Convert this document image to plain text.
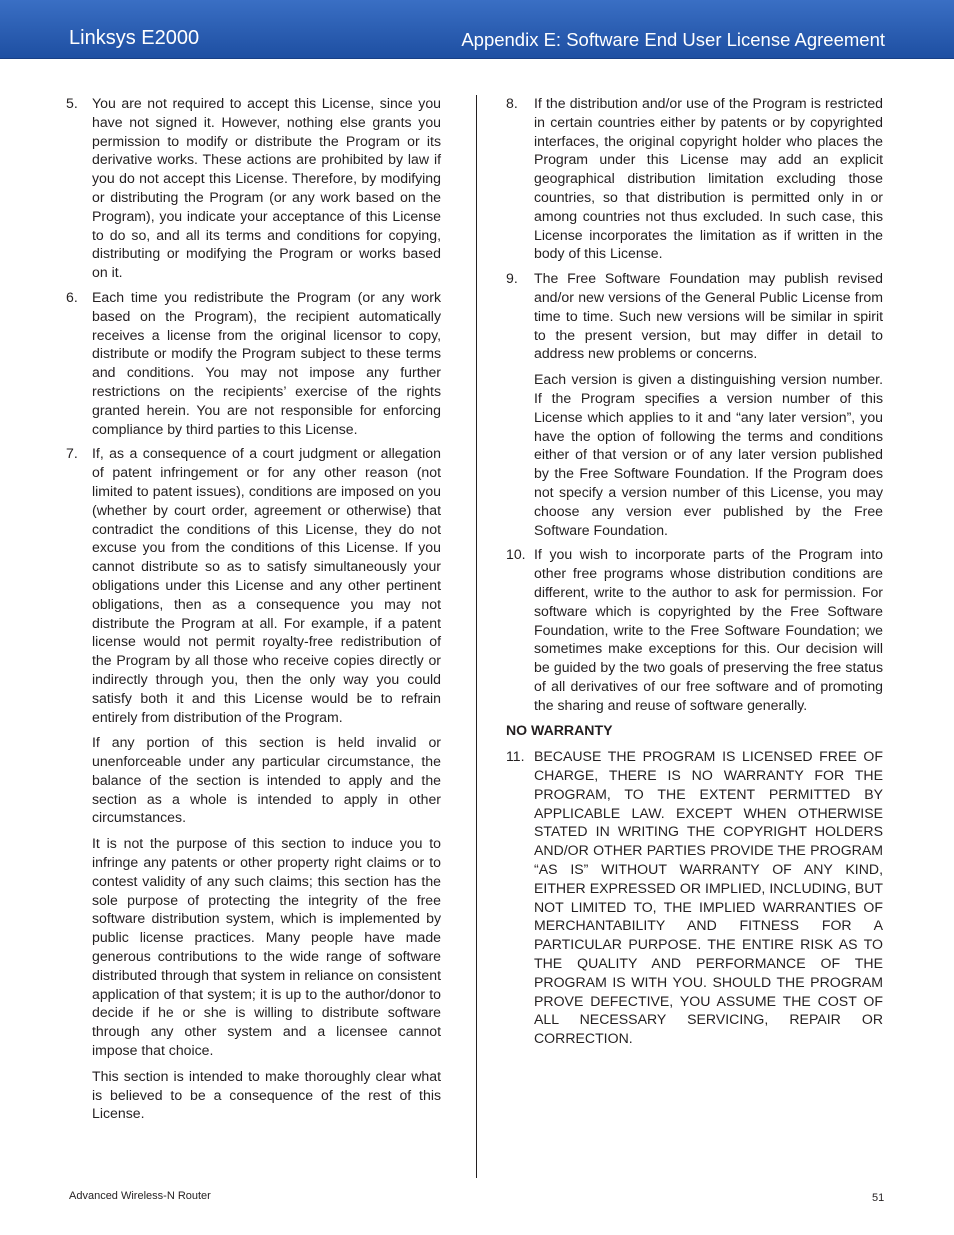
Linksys E2000	Appendix E: Software End User License Agreement
5. You are not required to accept this License, since you have not signed it. However, nothing else grants you permission to modify or distribute the Program or its derivative works. These actions are prohibited by law if you do not accept this License. Therefore, by modifying or distributing the Program (or any work based on the Program), you indicate your acceptance of this License to do so, and all its terms and conditions for copying, distributing or modifying the Program or works based on it.

6. Each time you redistribute the Program (or any work based on the Program), the recipient automatically receives a license from the original licensor to copy, distribute or modify the Program subject to these terms and conditions. You may not impose any further restrictions on the recipients’ exercise of the rights granted herein. You are not responsible for enforcing compliance by third parties to this License.

7. If, as a consequence of a court judgment or allegation of patent infringement or for any other reason (not limited to patent issues), conditions are imposed on you (whether by court order, agreement or otherwise) that contradict the conditions of this License, they do not excuse you from the conditions of this License. If you cannot distribute so as to satisfy simultaneously your obligations under this License and any other pertinent obligations, then as a consequence you may not distribute the Program at all. For example, if a patent license would not permit royalty-free redistribution of the Program by all those who receive copies directly or indirectly through you, then the only way you could satisfy both it and this License would be to refrain entirely from distribution of the Program.

If any portion of this section is held invalid or unenforceable under any particular circumstance, the balance of the section is intended to apply and the section as a whole is intended to apply in other circumstances.

It is not the purpose of this section to induce you to infringe any patents or other property right claims or to contest validity of any such claims; this section has the sole purpose of protecting the integrity of the free software distribution system, which is implemented by public license practices. Many people have made generous contributions to the wide range of software distributed through that system in reliance on consistent application of that system; it is up to the author/donor to decide if he or she is willing to distribute software through any other system and a licensee cannot impose that choice.

This section is intended to make thoroughly clear what is believed to be a consequence of the rest of this License.

8. If the distribution and/or use of the Program is restricted in certain countries either by patents or by copyrighted interfaces, the original copyright holder who places the Program under this License may add an explicit geographical distribution limitation excluding those countries, so that distribution is permitted only in or among countries not thus excluded. In such case, this License incorporates the limitation as if written in the body of this License.

9. The Free Software Foundation may publish revised and/or new versions of the General Public License from time to time. Such new versions will be similar in spirit to the present version, but may differ in detail to address new problems or concerns.

Each version is given a distinguishing version number. If the Program specifies a version number of this License which applies to it and “any later version”, you have the option of following the terms and conditions either of that version or of any later version published by the Free Software Foundation. If the Program does not specify a version number of this License, you may choose any version ever published by the Free Software Foundation.

10. If you wish to incorporate parts of the Program into other free programs whose distribution conditions are different, write to the author to ask for permission. For software which is copyrighted by the Free Software Foundation, write to the Free Software Foundation; we sometimes make exceptions for this. Our decision will be guided by the two goals of preserving the free status of all derivatives of our free software and of promoting the sharing and reuse of software generally.

NO WARRANTY
11. BECAUSE THE PROGRAM IS LICENSED FREE OF CHARGE, THERE IS NO WARRANTY FOR THE PROGRAM, TO THE EXTENT PERMITTED BY APPLICABLE LAW. EXCEPT WHEN OTHERWISE STATED IN WRITING THE COPYRIGHT HOLDERS AND/OR OTHER PARTIES PROVIDE THE PROGRAM “AS IS” WITHOUT WARRANTY OF ANY KIND, EITHER EXPRESSED OR IMPLIED, INCLUDING, BUT NOT LIMITED TO, THE IMPLIED WARRANTIES OF MERCHANTABILITY AND FITNESS FOR A PARTICULAR PURPOSE. THE ENTIRE RISK AS TO THE QUALITY AND PERFORMANCE OF THE PROGRAM IS WITH YOU. SHOULD THE PROGRAM PROVE DEFECTIVE, YOU ASSUME THE COST OF ALL NECESSARY SERVICING, REPAIR OR CORRECTION.

Advanced Wireless-N Router	51
